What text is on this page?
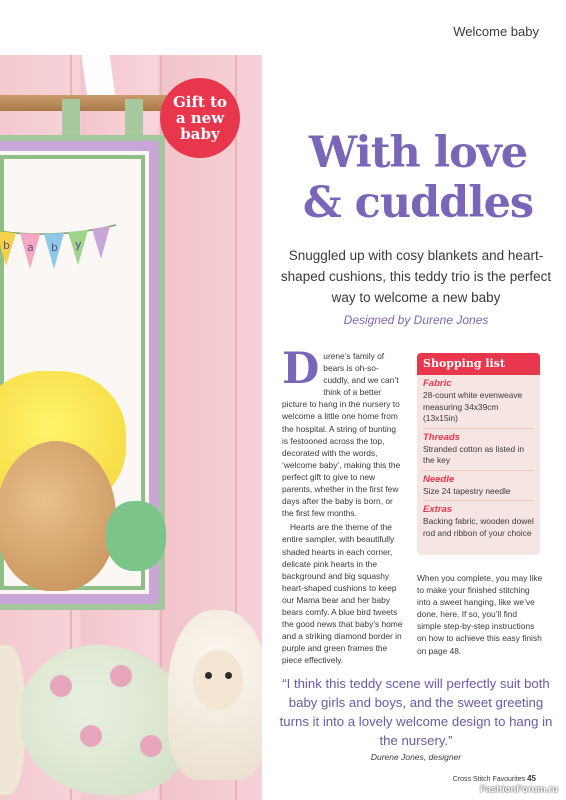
Welcome baby
b a b y
Gift to
a new
baby	With love
& cuddles
Snuggled up with cosy blankets and heart-shaped cushions, this teddy trio is the perfect way to welcome a new baby
Designed by Durene Jones
D urene’s family of bears is oh-so-cuddly, and we can’t think of a better picture to hang in the nursery to welcome a little one home from the hospital. A string of bunting is festooned across the top, decorated with the words, ‘welcome baby’, making this the perfect gift to give to new parents, whether in the first few days after the baby is born, or the first few months.

Hearts are the theme of the entire sampler, with beautifully shaded hearts in each corner, delicate pink hearts in the background and big squashy heart-shaped cushions to keep our Mama bear and her baby bears comfy. A blue bird tweets the good news that baby’s home and a striking diamond border in purple and green frames the piece effectively.

Shopping list
Fabric
28-count white evenweave measuring 34x39cm (13x15in)
Threads
Stranded cotton as listed in the key
Needle
Size 24 tapestry needle
Extras
Backing fabric, wooden dowel rod and ribbon of your choice
When you complete, you may like to make your finished stitching into a sweet hanging, like we’ve done, here. If so, you’ll find simple step-by-step instructions on how to achieve this easy finish on page 48.
“I think this teddy scene will perfectly suit both baby girls and boys, and the sweet greeting turns it into a lovely welcome design to hang in the nursery.”
Durene Jones, designer
Cross Stitch Favourites 45
FashionForum.ru
